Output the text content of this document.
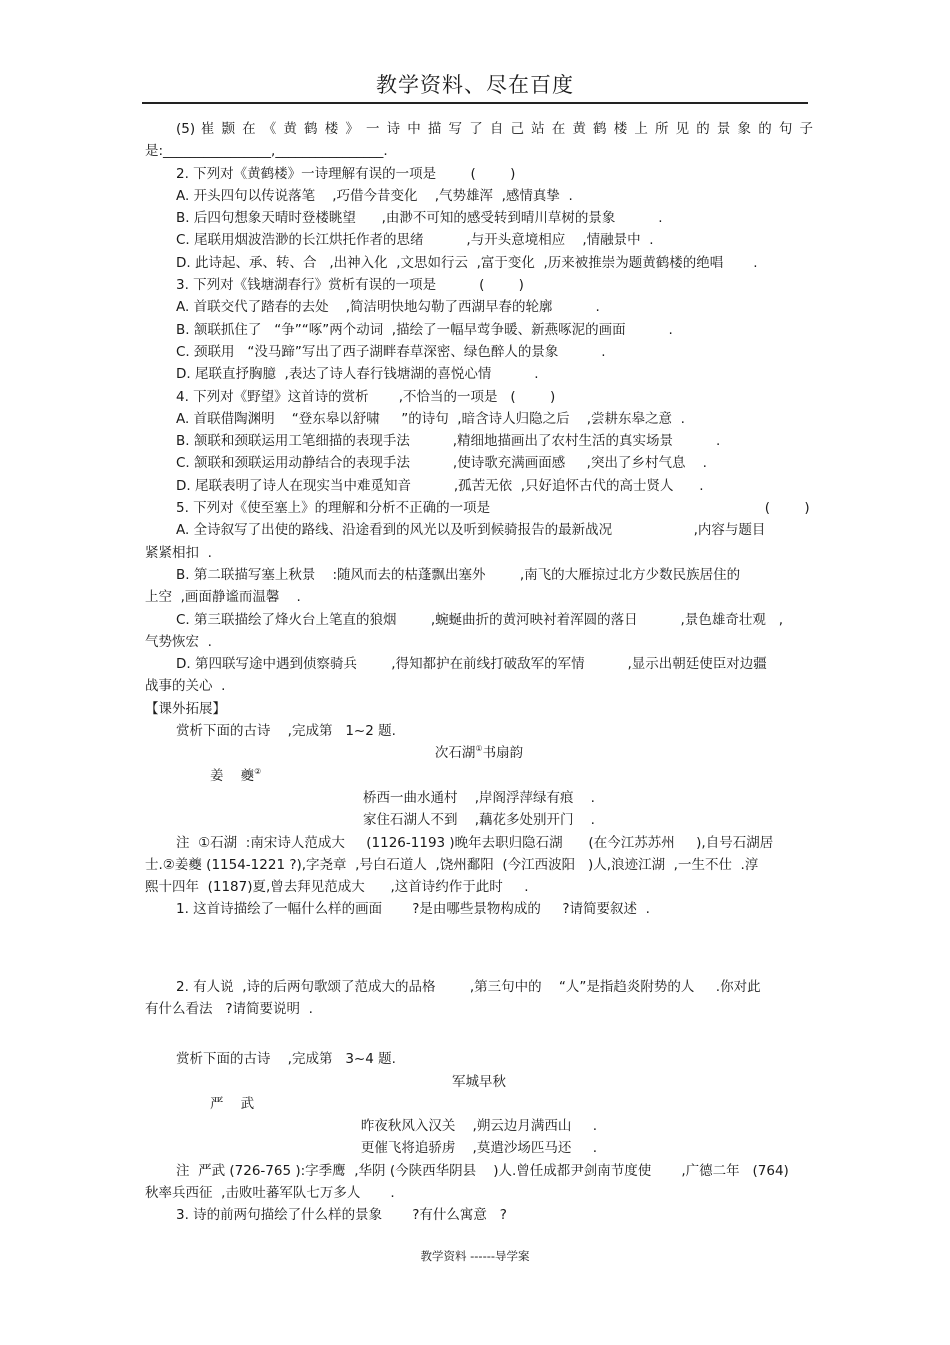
教学资料、尽在百度
(5) 崔 颢 在 《 黄 鹤 楼 》 一 诗 中 描 写 了 自 己 站 在 黄 鹤 楼 上 所 见 的 景 象 的 句 子
是:________________,________________.
2. 下列对《黄鹤楼》一诗理解有误的一项是        (        )
A. 开头四句以传说落笔    ,巧借今昔变化    ,气势雄浑  ,感情真挚  .
B. 后四句想象天晴时登楼眺望      ,由渺不可知的感受转到晴川草树的景象          .
C. 尾联用烟波浩渺的长江烘托作者的思绪          ,与开头意境相应    ,情融景中  .
D. 此诗起、承、转、合   ,出神入化  ,文思如行云  ,富于变化  ,历来被推崇为题黄鹤楼的绝唱       .
3. 下列对《钱塘湖春行》赏析有误的一项是          (        )
A. 首联交代了踏春的去处    ,简洁明快地勾勒了西湖早春的轮廓          .
B. 颔联抓住了   “争”“啄”两个动词  ,描绘了一幅早莺争暖、新燕啄泥的画面          .
C. 颈联用   “没马蹄”写出了西子湖畔春草深密、绿色醉人的景象          .
D. 尾联直抒胸臆  ,表达了诗人春行钱塘湖的喜悦心情          .
4. 下列对《野望》这首诗的赏析       ,不恰当的一项是   (        )
A. 首联借陶渊明    “登东皋以舒啸     ”的诗句  ,暗含诗人归隐之后    ,尝耕东皋之意  .
B. 颔联和颈联运用工笔细描的表现手法          ,精细地描画出了农村生活的真实场景          .
C. 颔联和颈联运用动静结合的表现手法          ,使诗歌充满画面感     ,突出了乡村气息    .
D. 尾联表明了诗人在现实当中难觅知音          ,孤苦无依  ,只好追怀古代的高士贤人      .
5. 下列对《使至塞上》的理解和分析不正确的一项是                                                                (        )
A. 全诗叙写了出使的路线、沿途看到的风光以及听到候骑报告的最新战况                   ,内容与题目
紧紧相扣  .
B. 第二联描写塞上秋景    :随风而去的枯蓬飘出塞外        ,南飞的大雁掠过北方少数民族居住的
上空  ,画面静谧而温馨    .
C. 第三联描绘了烽火台上笔直的狼烟        ,蜿蜒曲折的黄河映衬着浑圆的落日          ,景色雄奇壮观   ,
气势恢宏  .
D. 第四联写途中遇到侦察骑兵        ,得知都护在前线打破敌军的军情          ,显示出朝廷使臣对边疆
战事的关心  .
【课外拓展】
赏析下面的古诗    ,完成第   1~2 题.
次石湖①书扇韵
姜    夔②
桥西一曲水通村    ,岸阁浮萍绿有痕    .
家住石湖人不到    ,藕花多处别开门    .
注  ①石湖  :南宋诗人范成大     (1126-1193 )晚年去职归隐石湖      (在今江苏苏州     ),自号石湖居
士.②姜夔 (1154-1221 ?),字尧章  ,号白石道人  ,饶州鄱阳  (今江西波阳   )人,浪迹江湖  ,一生不仕  .淳
熙十四年  (1187)夏,曾去拜见范成大      ,这首诗约作于此时     .
1. 这首诗描绘了一幅什么样的画面       ?是由哪些景物构成的     ?请简要叙述  .
2. 有人说  ,诗的后两句歌颂了范成大的品格        ,第三句中的    “人”是指趋炎附势的人     .你对此
有什么看法   ?请简要说明  .
赏析下面的古诗    ,完成第   3~4 题.
军城早秋
严    武
昨夜秋风入汉关    ,朔云边月满西山     .
更催飞将追骄虏    ,莫遣沙场匹马还     .
注  严武 (726-765 ):字季鹰  ,华阴 (今陕西华阴县    )人.曾任成都尹剑南节度使       ,广德二年   (764)
秋率兵西征  ,击败吐蕃军队七万多人       .
3. 诗的前两句描绘了什么样的景象       ?有什么寓意   ?
教学资料 ------导学案
